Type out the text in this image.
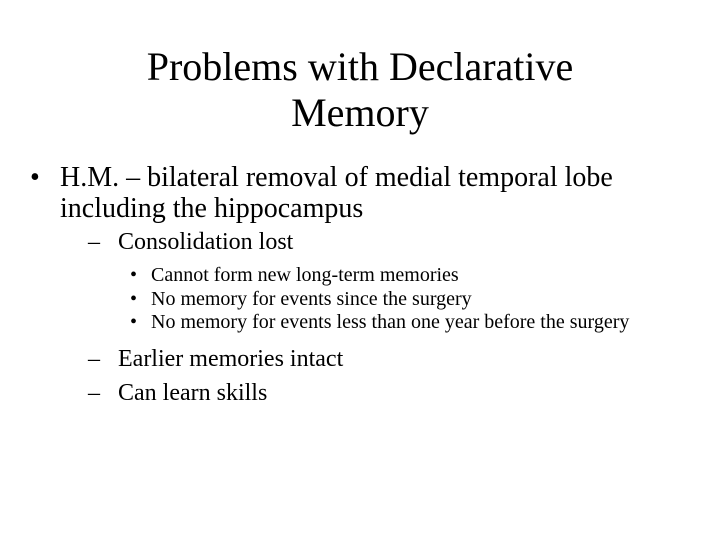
Problems with Declarative
Memory
• H.M. – bilateral removal of medial temporal lobe including the hippocampus
– Consolidation lost
• Cannot form new long-term memories
• No memory for events since the surgery
• No memory for events less than one year before the surgery
– Earlier memories intact
– Can learn skills
